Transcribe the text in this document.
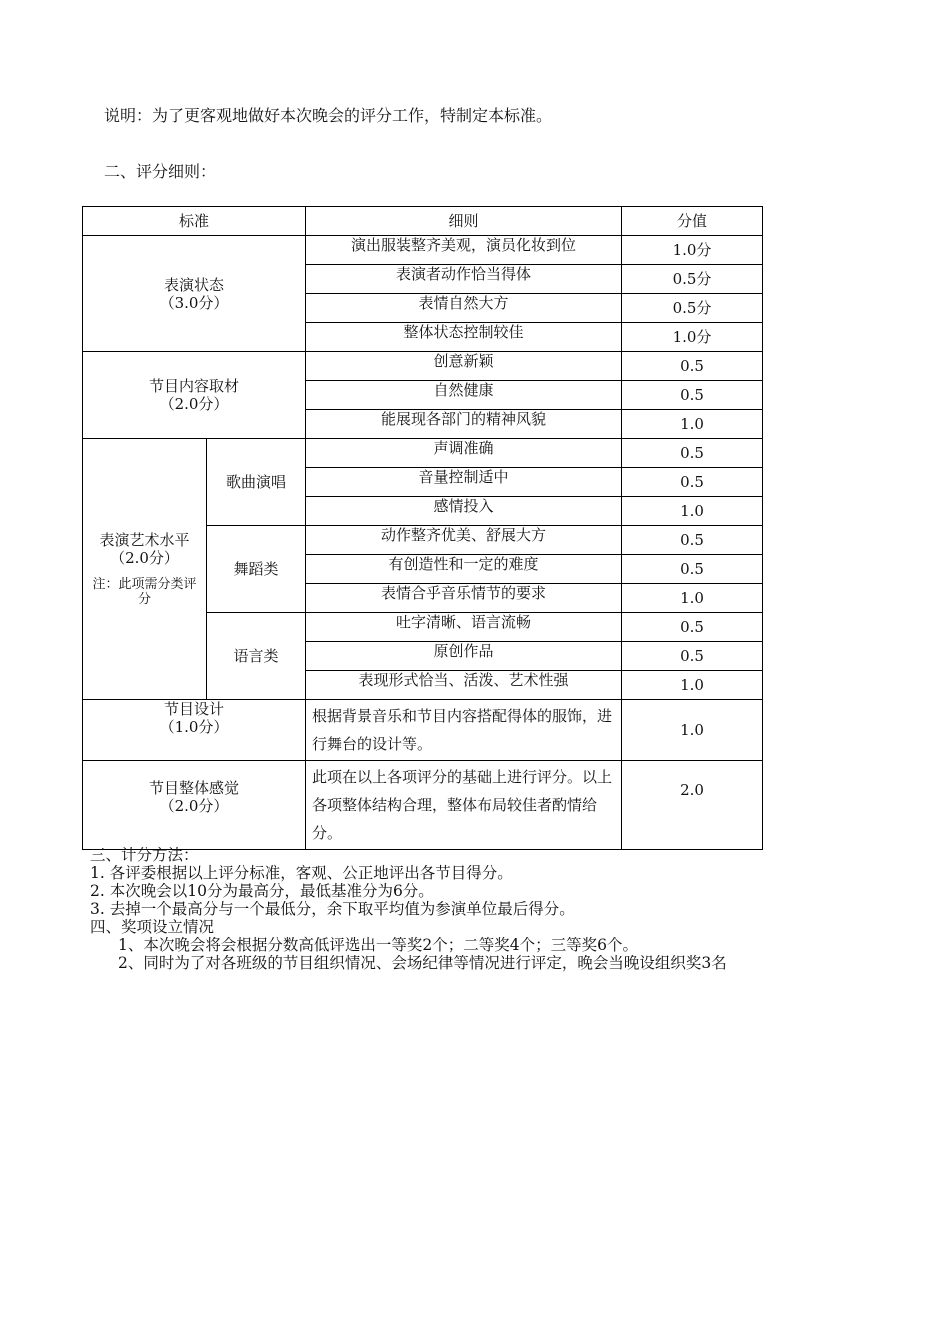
说明：为了更客观地做好本次晚会的评分工作，特制定本标准。
二、评分细则：
标准		细则	分值

表演状态
（3.0分）		演出服装整齐美观，演员化妆到位	1.0分
		表演者动作恰当得体	0.5分
		表情自然大方	0.5分
		整体状态控制较佳	1.0分

节目内容取材
（2.0分）		创意新颖	0.5
		自然健康	0.5
		能展现各部门的精神风貌	1.0

表演艺术水平
（2.0分）
注：此项需分类评分	歌曲演唱	声调准确	0.5
		音量控制适中	0.5
		感情投入	1.0
	舞蹈类	动作整齐优美、舒展大方	0.5
		有创造性和一定的难度	0.5
		表情合乎音乐情节的要求	1.0
	语言类	吐字清晰、语言流畅	0.5
		原创作品	0.5
		表现形式恰当、活泼、艺术性强	1.0

节目设计
（1.0分）		根据背景音乐和节目内容搭配得体的服饰，进行舞台的设计等。	1.0

节目整体感觉
（2.0分）		此项在以上各项评分的基础上进行评分。以上各项整体结构合理，整体布局较佳者酌情给分。	2.0
三、计分方法：
1. 各评委根据以上评分标准，客观、公正地评出各节目得分。
2. 本次晚会以10分为最高分，最低基准分为6分。
3. 去掉一个最高分与一个最低分，余下取平均值为参演单位最后得分。
四、奖项设立情况
1、本次晚会将会根据分数高低评选出一等奖2个；二等奖4个；三等奖6个。
2、同时为了对各班级的节目组织情况、会场纪律等情况进行评定，晚会当晚设组织奖3名
